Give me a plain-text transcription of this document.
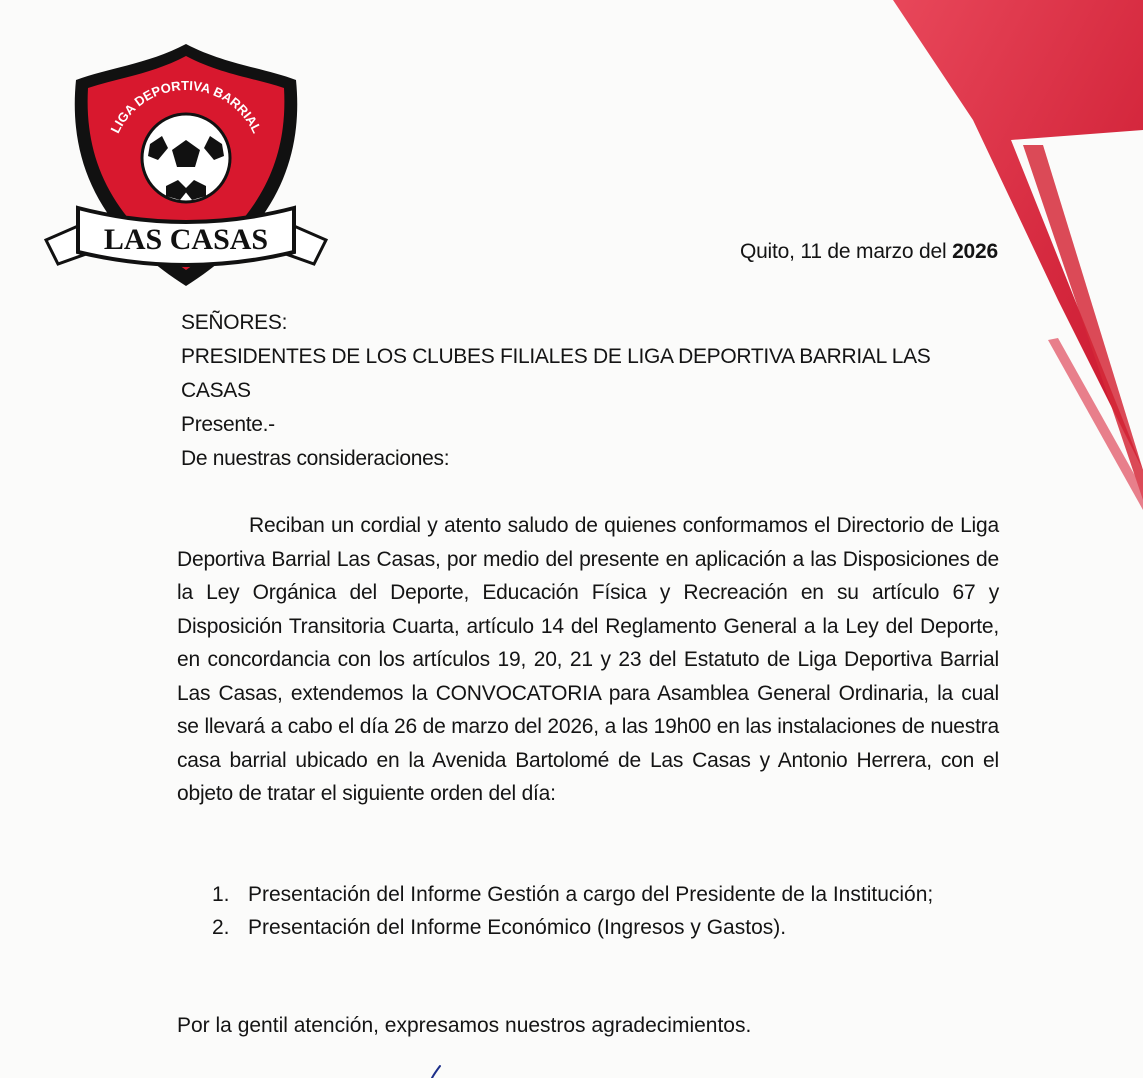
LIGA DEPORTIVA BARRIAL
LAS CASAS	Quito, 11 de marzo del 2026
SEÑORES:
PRESIDENTES DE LOS CLUBES FILIALES DE LIGA DEPORTIVA BARRIAL LAS
CASAS
Presente.-
De nuestras consideraciones:
Reciban un cordial y atento saludo de quienes conformamos el Directorio de Liga Deportiva Barrial Las Casas, por medio del presente en aplicación a las Disposiciones de la Ley Orgánica del Deporte, Educación Física y Recreación en su artículo 67 y Disposición Transitoria Cuarta, artículo 14 del Reglamento General a la Ley del Deporte, en concordancia con los artículos 19, 20, 21 y 23 del Estatuto de Liga Deportiva Barrial Las Casas, extendemos la CONVOCATORIA para Asamblea General Ordinaria, la cual se llevará a cabo el día 26 de marzo del 2026, a las 19h00 en las instalaciones de nuestra casa barrial ubicado en la Avenida Bartolomé de Las Casas y Antonio Herrera, con el objeto de tratar el siguiente orden del día:
1. Presentación del Informe Gestión a cargo del Presidente de la Institución;
2. Presentación del Informe Económico (Ingresos y Gastos).
Por la gentil atención, expresamos nuestros agradecimientos.
